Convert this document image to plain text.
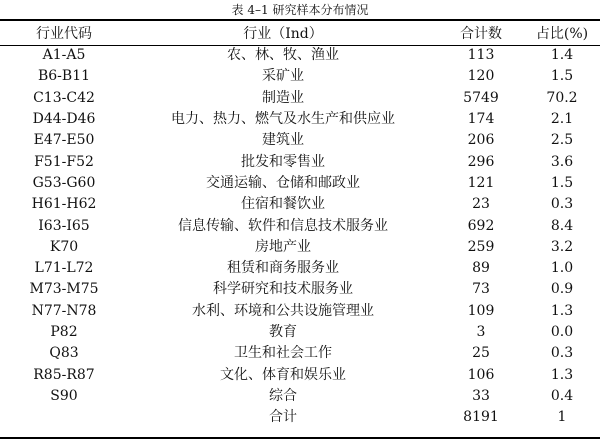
表 4–1 研究样本分布情况
行业代码	行业（Ind）	合计数	占比(%)
A1-A5	农、林、牧、渔业	113	1.4
B6-B11	采矿业	120	1.5
C13-C42	制造业	5749	70.2
D44-D46	电力、热力、燃气及水生产和供应业	174	2.1
E47-E50	建筑业	206	2.5
F51-F52	批发和零售业	296	3.6
G53-G60	交通运输、仓储和邮政业	121	1.5
H61-H62	住宿和餐饮业	23	0.3
I63-I65	信息传输、软件和信息技术服务业	692	8.4
K70	房地产业	259	3.2
L71-L72	租赁和商务服务业	89	1.0
M73-M75	科学研究和技术服务业	73	0.9
N77-N78	水利、环境和公共设施管理业	109	1.3
P82	教育	3	0.0
Q83	卫生和社会工作	25	0.3
R85-R87	文化、体育和娱乐业	106	1.3
S90	综合	33	0.4
	合计	8191	1
